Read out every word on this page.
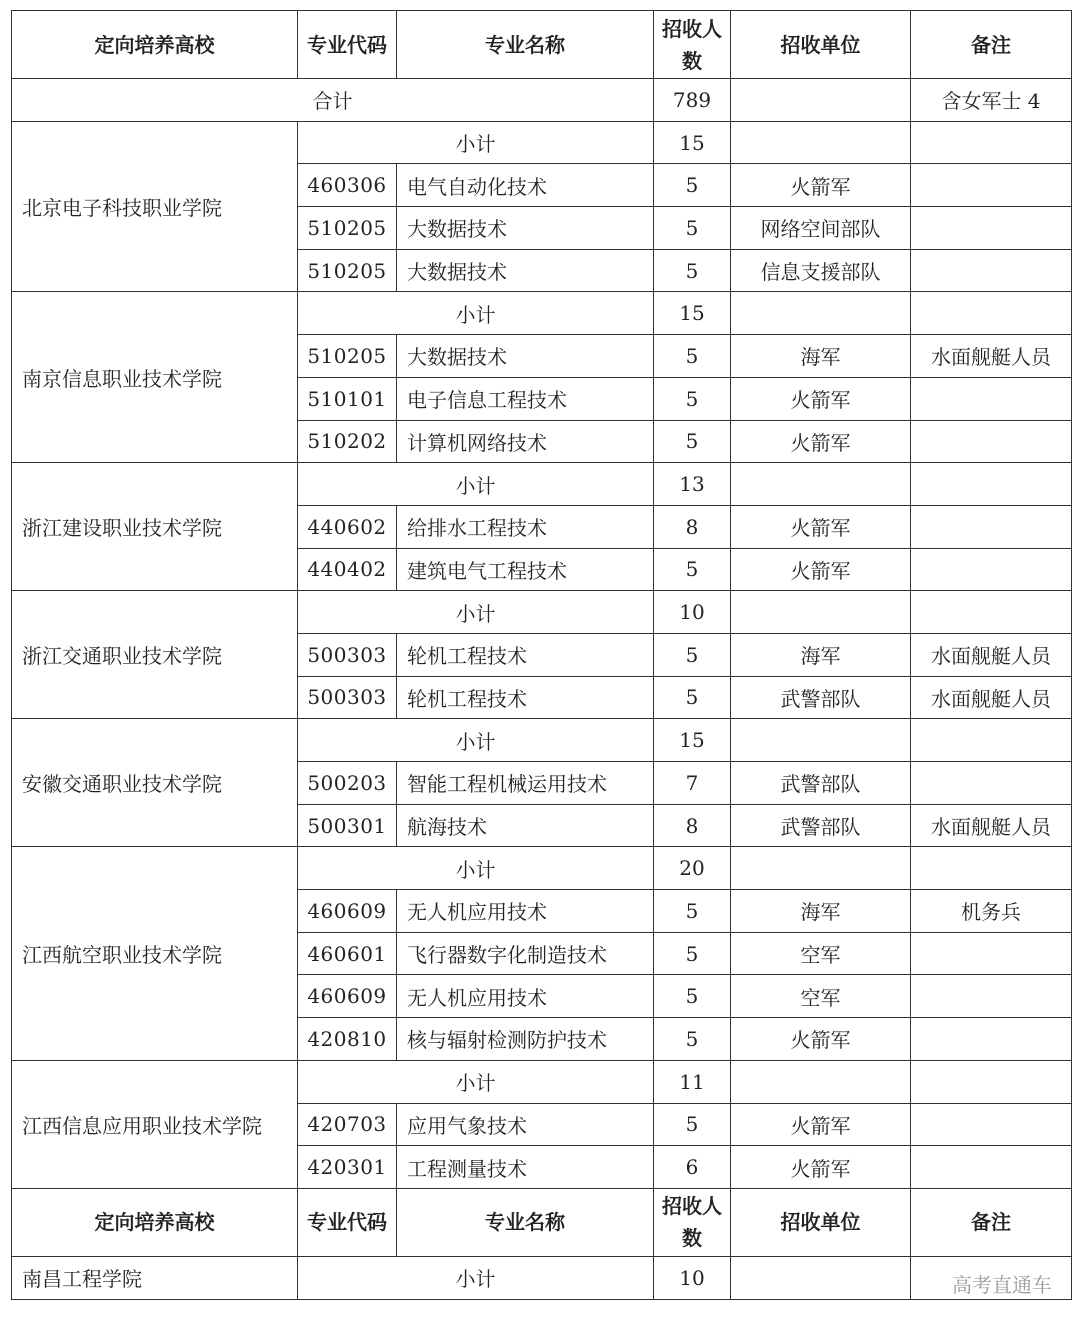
定向培养高校	专业代码	专业名称	招收人数	招收单位	备注
合计			789		含女军士 4
北京电子科技职业学院	小计		15		
	460306	电气自动化技术	5	火箭军	
	510205	大数据技术	5	网络空间部队	
	510205	大数据技术	5	信息支援部队	
南京信息职业技术学院	小计		15		
	510205	大数据技术	5	海军	水面舰艇人员
	510101	电子信息工程技术	5	火箭军	
	510202	计算机网络技术	5	火箭军	
浙江建设职业技术学院	小计		13		
	440602	给排水工程技术	8	火箭军	
	440402	建筑电气工程技术	5	火箭军	
浙江交通职业技术学院	小计		10		
	500303	轮机工程技术	5	海军	水面舰艇人员
	500303	轮机工程技术	5	武警部队	水面舰艇人员
安徽交通职业技术学院	小计		15		
	500203	智能工程机械运用技术	7	武警部队	
	500301	航海技术	8	武警部队	水面舰艇人员
江西航空职业技术学院	小计		20		
	460609	无人机应用技术	5	海军	机务兵
	460601	飞行器数字化制造技术	5	空军	
	460609	无人机应用技术	5	空军	
	420810	核与辐射检测防护技术	5	火箭军	
江西信息应用职业技术学院	小计		11		
	420703	应用气象技术	5	火箭军	
	420301	工程测量技术	6	火箭军	
定向培养高校	专业代码	专业名称	招收人数	招收单位	备注
南昌工程学院	小计		10			高考直通车
